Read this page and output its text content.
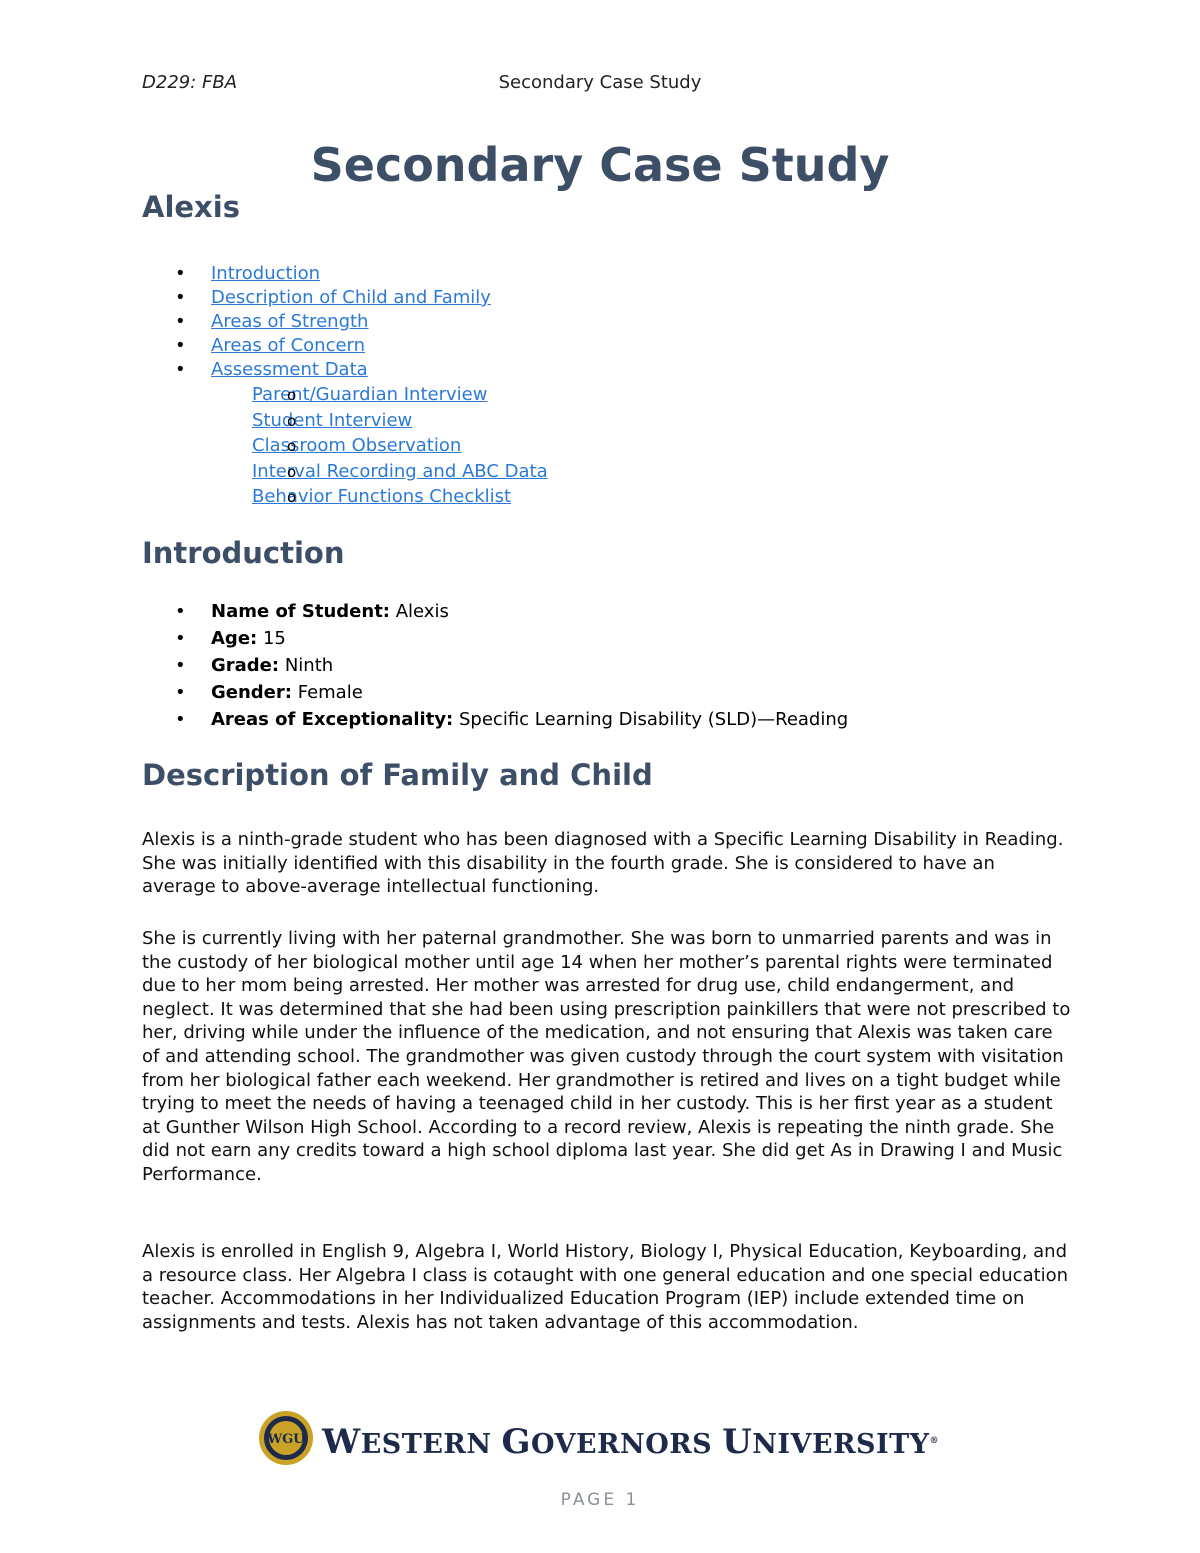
Secondary Case Study
D229: FBA
Secondary Case Study
Alexis
• Introduction
• Description of Child and Family
• Areas of Strength
• Areas of Concern
• Assessment Data
o Parent/Guardian Interview
o Student Interview
o Classroom Observation
o Interval Recording and ABC Data
o Behavior Functions Checklist
Introduction
• Name of Student: Alexis
• Age: 15
• Grade: Ninth
• Gender: Female
• Areas of Exceptionality: Specific Learning Disability (SLD)—Reading
Description of Family and Child

Alexis is a ninth-grade student who has been diagnosed with a Specific Learning Disability in Reading. She was initially identified with this disability in the fourth grade. She is considered to have an average to above-average intellectual functioning.

She is currently living with her paternal grandmother. She was born to unmarried parents and was in the custody of her biological mother until age 14 when her mother’s parental rights were terminated due to her mom being arrested. Her mother was arrested for drug use, child endangerment, and neglect. It was determined that she had been using prescription painkillers that were not prescribed to her, driving while under the influence of the medication, and not ensuring that Alexis was taken care of and attending school. The grandmother was given custody through the court system with visitation from her biological father each weekend. Her grandmother is retired and lives on a tight budget while trying to meet the needs of having a teenaged child in her custody. This is her first year as a student at Gunther Wilson High School. According to a record review, Alexis is repeating the ninth grade. She did not earn any credits toward a high school diploma last year. She did get As in Drawing I and Music Performance.

Alexis is enrolled in English 9, Algebra I, World History, Biology I, Physical Education, Keyboarding, and a resource class. Her Algebra I class is cotaught with one general education and one special education teacher. Accommodations in her Individualized Education Program (IEP) include extended time on assignments and tests. Alexis has not taken advantage of this accommodation.

WGU WESTERN GOVERNORS UNIVERSITY®
PAGE 1
